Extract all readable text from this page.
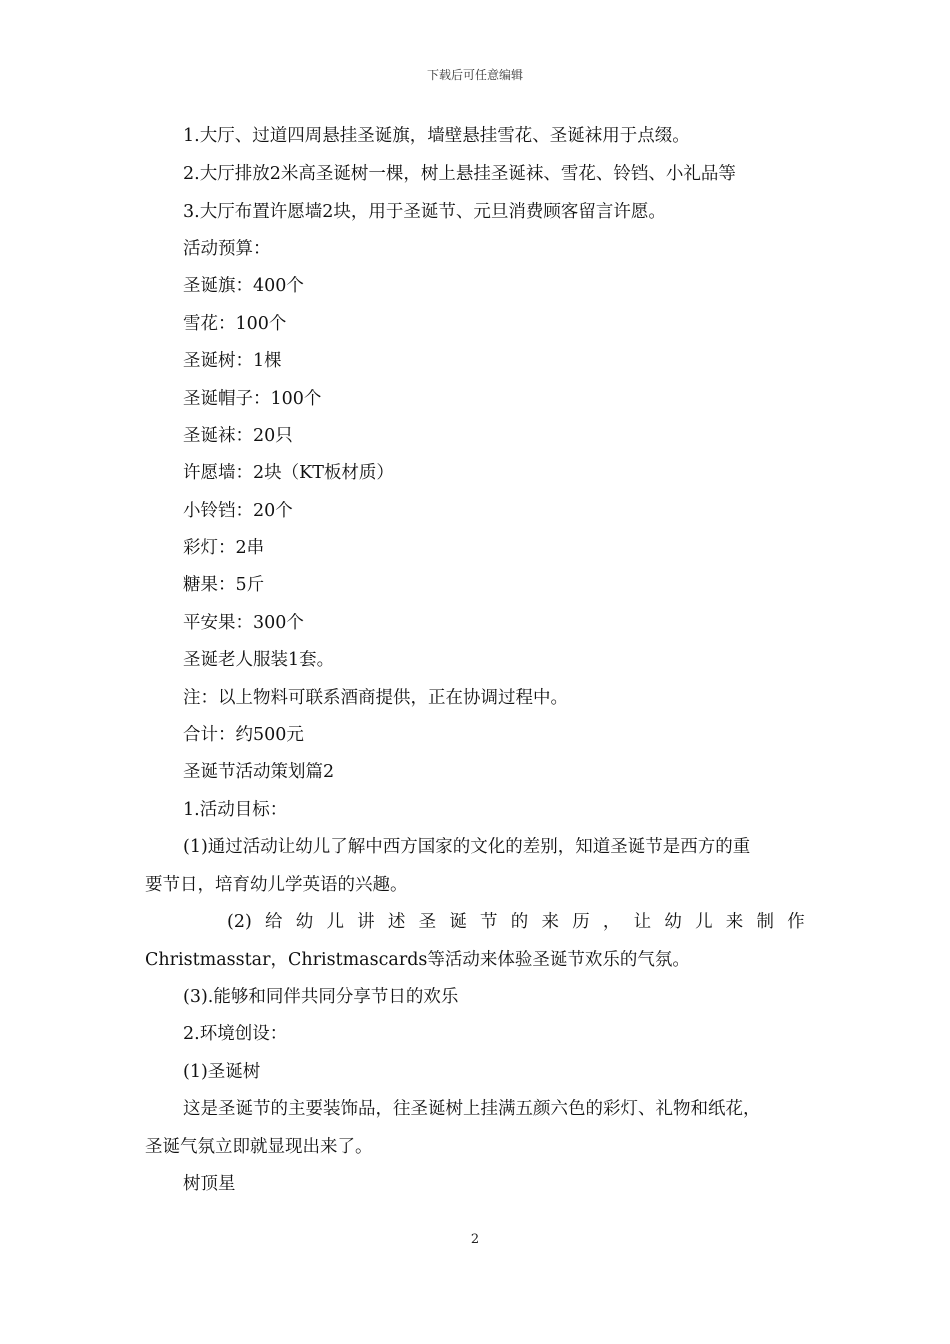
下载后可任意编辑
1.大厅、过道四周悬挂圣诞旗，墙壁悬挂雪花、圣诞袜用于点缀。
2.大厅排放2米高圣诞树一棵，树上悬挂圣诞袜、雪花、铃铛、小礼品等
3.大厅布置许愿墙2块，用于圣诞节、元旦消费顾客留言许愿。
活动预算：
圣诞旗：400个
雪花：100个
圣诞树：1棵
圣诞帽子：100个
圣诞袜：20只
许愿墙：2块（KT板材质）
小铃铛：20个
彩灯：2串
糖果：5斤
平安果：300个
圣诞老人服装1套。
注：以上物料可联系酒商提供，正在协调过程中。
合计：约500元
圣诞节活动策划篇2
1.活动目标：
(1)通过活动让幼儿了解中西方国家的文化的差别，知道圣诞节是西方的重
要节日，培育幼儿学英语的兴趣。
(2) 给 幼 儿 讲 述 圣 诞 节 的 来 历 ， 让 幼 儿 来 制 作
Christmasstar，Christmascards等活动来体验圣诞节欢乐的气氛。
(3).能够和同伴共同分享节日的欢乐
2.环境创设：
(1)圣诞树
这是圣诞节的主要装饰品，往圣诞树上挂满五颜六色的彩灯、礼物和纸花，
圣诞气氛立即就显现出来了。
树顶星
2
